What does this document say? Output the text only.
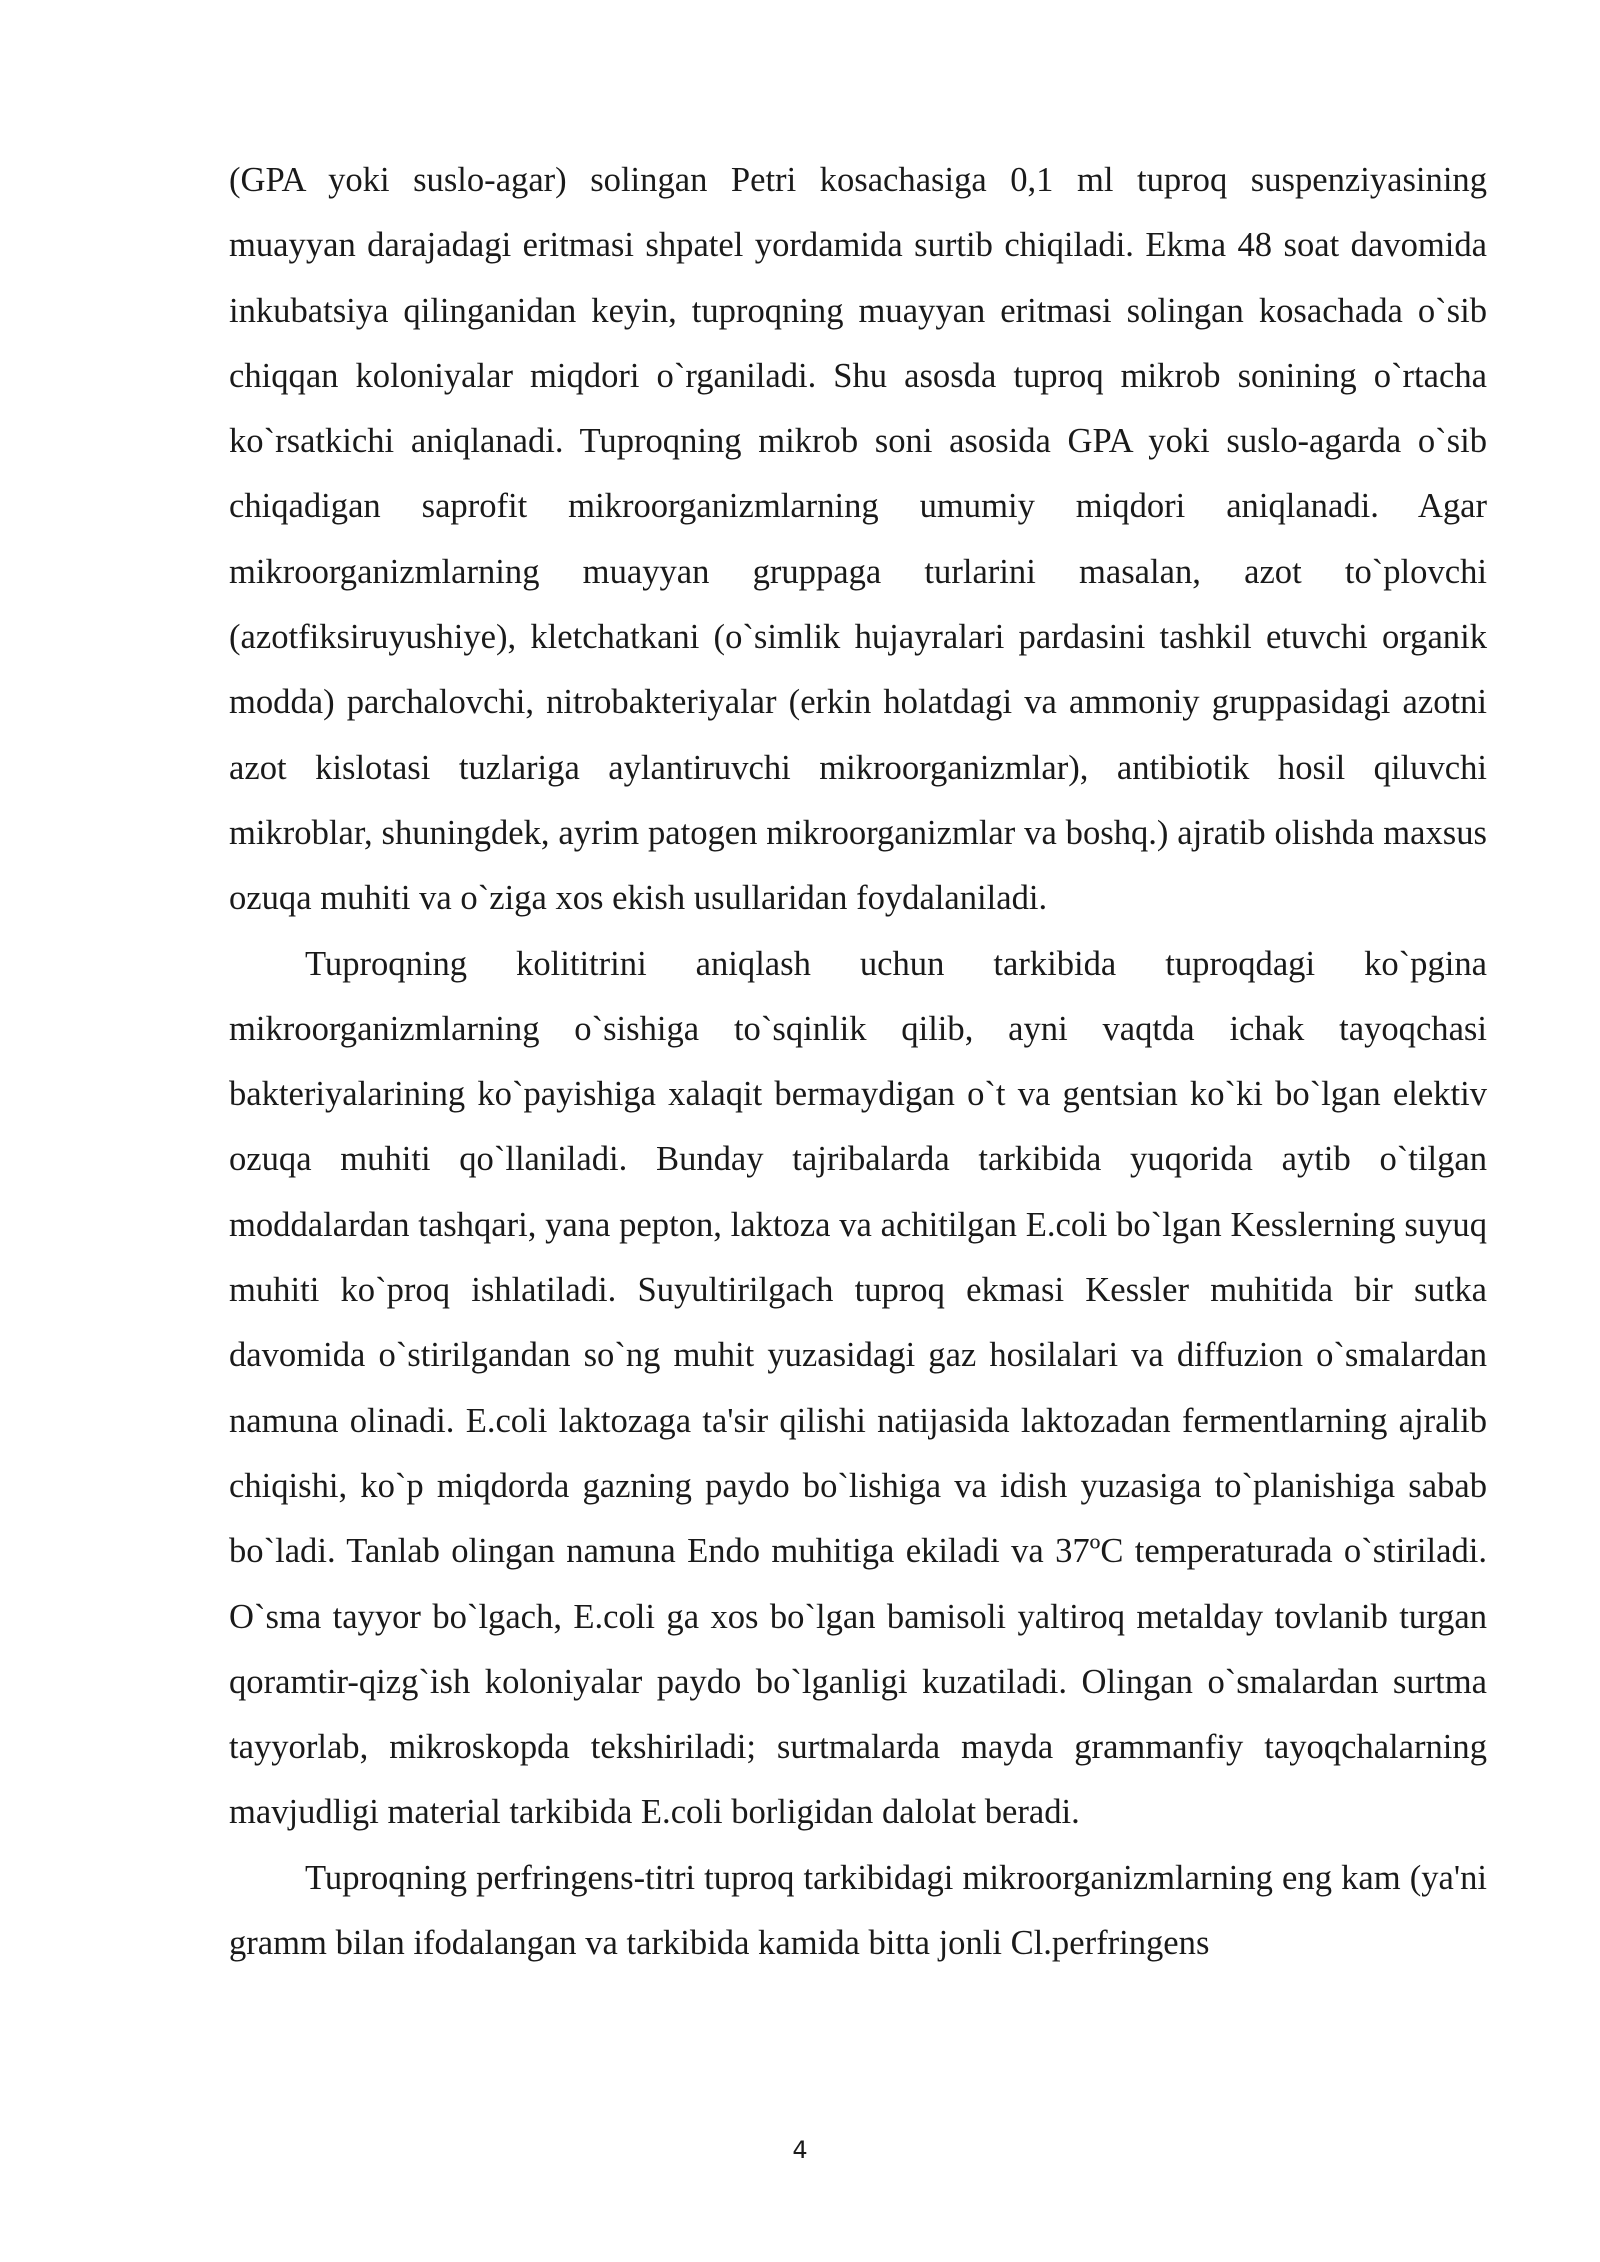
(GPA yoki suslo-agar) solingan Petri kosachasiga 0,1 ml tuproq suspenziyasining muayyan darajadagi eritmasi shpatel yordamida surtib chiqiladi. Ekma 48 soat davomida inkubatsiya qilinganidan keyin, tuproqning muayyan eritmasi solingan kosachada o`sib chiqqan koloniyalar miqdori o`rganiladi. Shu asosda tuproq mikrob sonining o`rtacha ko`rsatkichi aniqlanadi. Tuproqning mikrob soni asosida GPA yoki suslo-agarda o`sib chiqadigan saprofit mikroorganizmlarning umumiy miqdori aniqlanadi. Agar mikroorganizmlarning muayyan gruppaga turlarini masalan, azot to`plovchi (azotfiksiruyushiye), kletchatkani (o`simlik hujayralari pardasini tashkil etuvchi organik modda) parchalovchi, nitrobakteriyalar (erkin holatdagi va ammoniy gruppasidagi azotni azot kislotasi tuzlariga aylantiruvchi mikroorganizmlar), antibiotik hosil qiluvchi mikroblar, shuningdek, ayrim patogen mikroorganizmlar va boshq.) ajratib olishda maxsus ozuqa muhiti va o`ziga xos ekish usullaridan foydalaniladi.

Tuproqning kolititrini aniqlash uchun tarkibida tuproqdagi ko`pgina mikroorganizmlarning o`sishiga to`sqinlik qilib, ayni vaqtda ichak tayoqchasi bakteriyalarining ko`payishiga xalaqit bermaydigan o`t va gentsian ko`ki bo`lgan elektiv ozuqa muhiti qo`llaniladi. Bunday tajribalarda tarkibida yuqorida aytib o`tilgan moddalardan tashqari, yana pepton, laktoza va achitilgan E.coli bo`lgan Kesslerning suyuq muhiti ko`proq ishlatiladi. Suyultirilgach tuproq ekmasi Kessler muhitida bir sutka davomida o`stirilgandan so`ng muhit yuzasidagi gaz hosilalari va diffuzion o`smalardan namuna olinadi. E.coli laktozaga ta'sir qilishi natijasida laktozadan fermentlarning ajralib chiqishi, ko`p miqdorda gazning paydo bo`lishiga va idish yuzasiga to`planishiga sabab bo`ladi. Tanlab olingan namuna Endo muhitiga ekiladi va 37ºC temperaturada o`stiriladi. O`sma tayyor bo`lgach, E.coli ga xos bo`lgan bamisoli yaltiroq metalday tovlanib turgan qoramtir-qizg`ish koloniyalar paydo bo`lganligi kuzatiladi. Olingan o`smalardan surtma tayyorlab, mikroskopda tekshiriladi; surtmalarda mayda grammanfiy tayoqchalarning mavjudligi material tarkibida E.coli borligidan dalolat beradi.

Tuproqning perfringens-titri tuproq tarkibidagi mikroorganizmlarning eng kam (ya'ni gramm bilan ifodalangan va tarkibida kamida bitta jonli Cl.perfringens

4
